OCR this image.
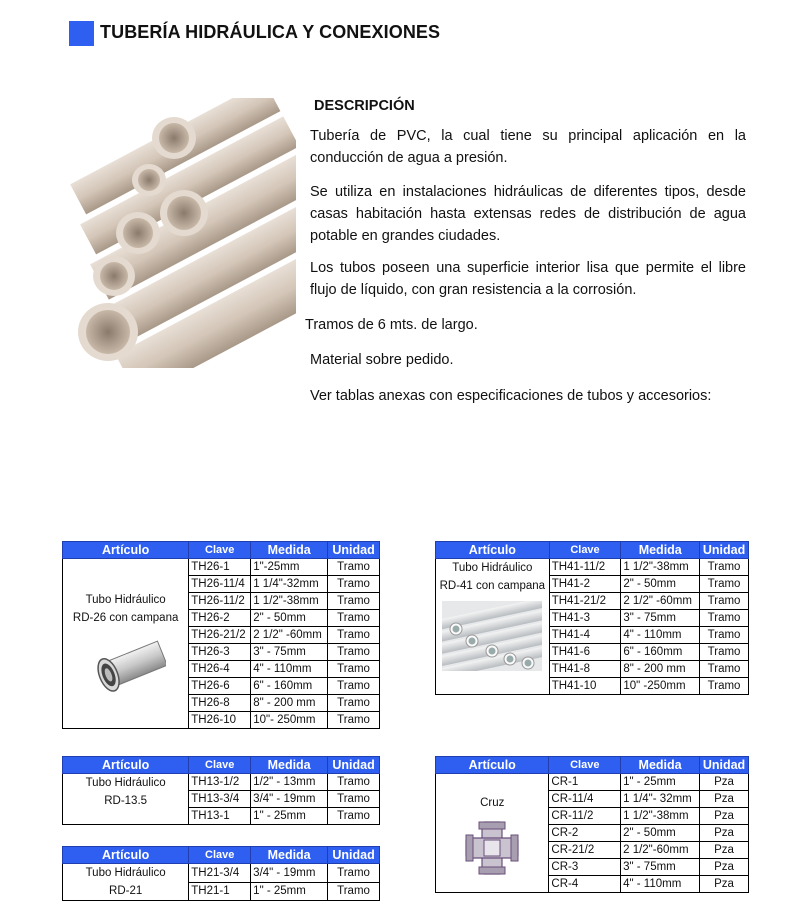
TUBERÍA HIDRÁULICA Y CONEXIONES
DESCRIPCIÓN
Tubería de PVC, la cual tiene su principal aplicación en la conducción de agua a presión.
Se utiliza en instalaciones hidráulicas de diferentes tipos, desde casas habitación hasta extensas redes de distribución de agua potable en grandes ciudades.
Los tubos poseen una superficie interior lisa que permite el libre flujo de líquido, con gran resistencia a la corrosión.
Tramos de 6 mts. de largo.
Material sobre pedido.
Ver tablas anexas con especificaciones de tubos y accesorios:
Artículo	Clave	Medida	Unidad

Tubo Hidráulico
RD-26 con campana	TH26-1	1"-25mm	Tramo
	TH26-11/4	1 1/4"-32mm	Tramo
	TH26-11/2	1 1/2"-38mm	Tramo
	TH26-2	2" - 50mm	Tramo
	TH26-21/2	2 1/2" -60mm	Tramo
	TH26-3	3" - 75mm	Tramo
	TH26-4	4" - 110mm	Tramo
	TH26-6	6" - 160mm	Tramo
	TH26-8	8" - 200 mm	Tramo
	TH26-10	10"- 250mm	Tramo
Artículo	Clave	Medida	Unidad

Tubo Hidráulico
RD-41 con campana	TH41-11/2	1 1/2"-38mm	Tramo
	TH41-2	2" - 50mm	Tramo
	TH41-21/2	2 1/2" -60mm	Tramo
	TH41-3	3" - 75mm	Tramo
	TH41-4	4" - 110mm	Tramo
	TH41-6	6" - 160mm	Tramo
	TH41-8	8" - 200 mm	Tramo
	TH41-10	10" -250mm	Tramo
Artículo	Clave	Medida	Unidad

Tubo Hidráulico
RD-13.5	TH13-1/2	1/2" - 13mm	Tramo
	TH13-3/4	3/4" - 19mm	Tramo
	TH13-1	1" - 25mm	Tramo
Artículo	Clave	Medida	Unidad

Tubo Hidráulico
RD-21	TH21-3/4	3/4" - 19mm	Tramo
	TH21-1	1" - 25mm	Tramo
Artículo	Clave	Medida	Unidad

Cruz	CR-1	1" - 25mm	Pza
	CR-11/4	1 1/4"- 32mm	Pza
	CR-11/2	1 1/2"-38mm	Pza
	CR-2	2" - 50mm	Pza
	CR-21/2	2 1/2"-60mm	Pza
	CR-3	3" - 75mm	Pza
	CR-4	4" - 110mm	Pza
